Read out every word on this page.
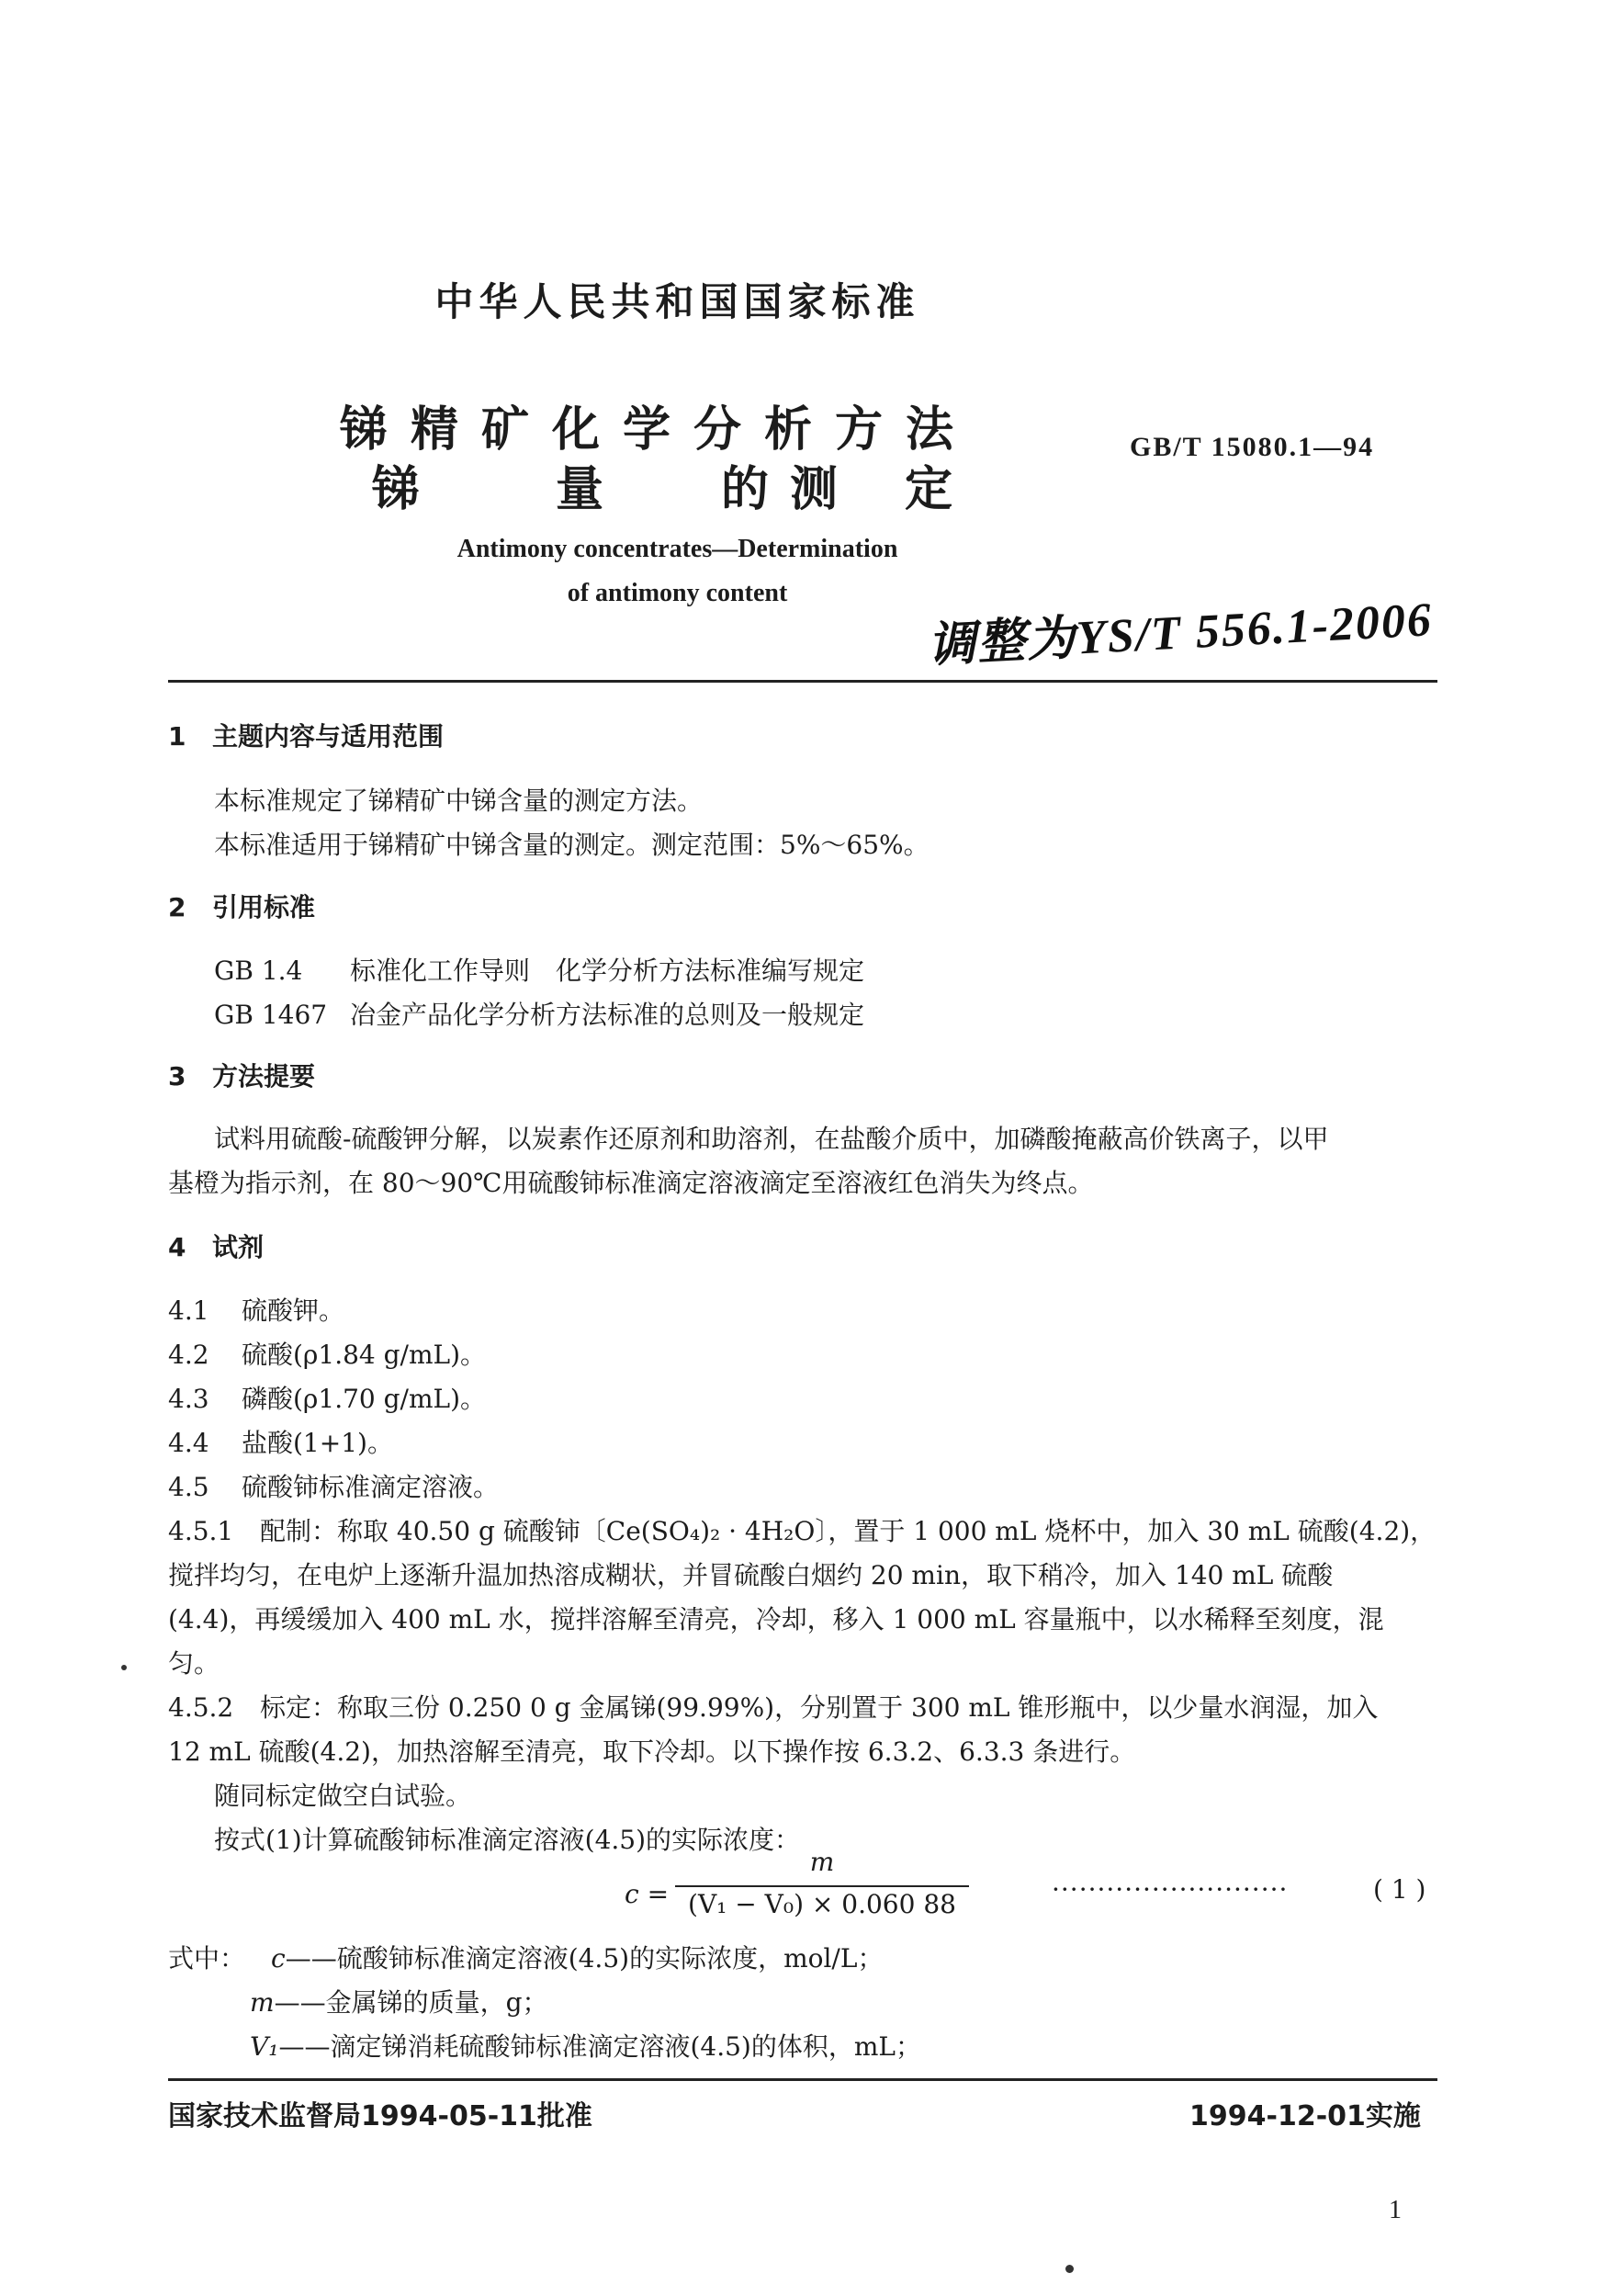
中华人民共和国国家标准
锑精矿化学分析方法
锑	量 的 测 定
GB/T 15080.1—94
Antimony concentrates—Determination
of antimony content
调整为YS/T 556.1-2006
1 主题内容与适用范围
本标准规定了锑精矿中锑含量的测定方法。
本标准适用于锑精矿中锑含量的测定。测定范围：5%～65%。
2 引用标准
GB 1.4 标准化工作导则　化学分析方法标准编写规定
GB 1467 冶金产品化学分析方法标准的总则及一般规定
3 方法提要
试料用硫酸-硫酸钾分解，以炭素作还原剂和助溶剂，在盐酸介质中，加磷酸掩蔽高价铁离子，以甲
基橙为指示剂，在 80～90℃用硫酸铈标准滴定溶液滴定至溶液红色消失为终点。
4 试剂
4.1 硫酸钾。
4.2 硫酸(ρ1.84 g/mL)。
4.3 磷酸(ρ1.70 g/mL)。
4.4 盐酸(1+1)。
4.5 硫酸铈标准滴定溶液。
4.5.1 配制：称取 40.50 g 硫酸铈〔Ce(SO₄)₂ · 4H₂O〕，置于 1 000 mL 烧杯中，加入 30 mL 硫酸(4.2)，
搅拌均匀，在电炉上逐渐升温加热溶成糊状，并冒硫酸白烟约 20 min，取下稍冷，加入 140 mL 硫酸
(4.4)，再缓缓加入 400 mL 水，搅拌溶解至清亮，冷却，移入 1 000 mL 容量瓶中，以水稀释至刻度，混
匀。
4.5.2 标定：称取三份 0.250 0 g 金属锑(99.99%)，分别置于 300 mL 锥形瓶中，以少量水润湿，加入
12 mL 硫酸(4.2)，加热溶解至清亮，取下冷却。以下操作按 6.3.2、6.3.3 条进行。
随同标定做空白试验。
按式(1)计算硫酸铈标准滴定溶液(4.5)的实际浓度：
c =
m
(V₁ − V₀) × 0.060 88	··························	( 1 )
式中： c——硫酸铈标准滴定溶液(4.5)的实际浓度，mol/L；
m——金属锑的质量，g；
V₁——滴定锑消耗硫酸铈标准滴定溶液(4.5)的体积，mL；
国家技术监督局1994-05-11批准	1994-12-01实施
1
